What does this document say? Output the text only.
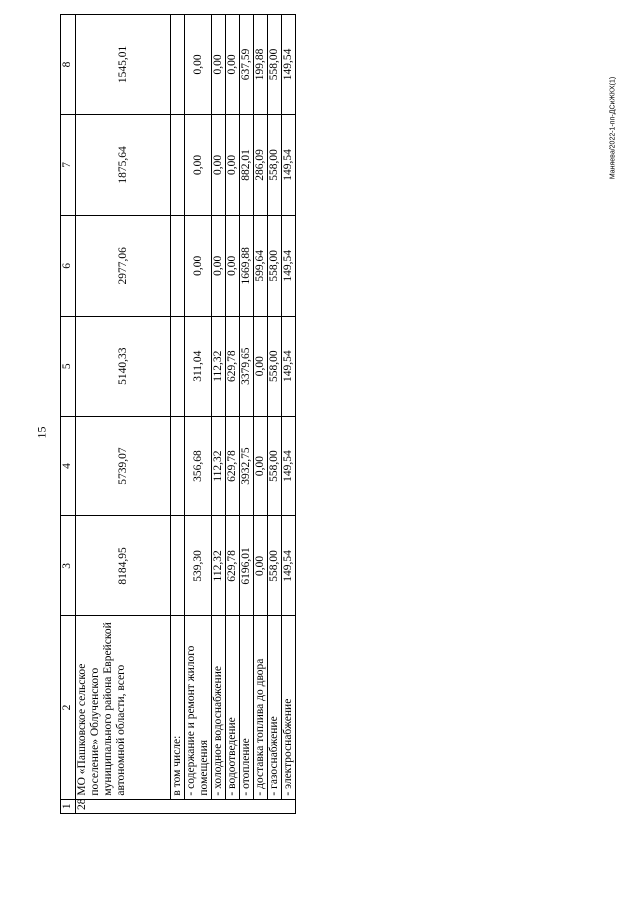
15
Маняева/2022-1-пп-ДСиЖКХ(1)
1	2	3	4	5	6	7	8
28	МО «Пашковское сельское поселение» Облученского муниципального района Еврейской автономной области, всего	8184,95	5739,07	5140,33	2977,06	1875,64	1545,01
	в том числе:						
	- содержание и ремонт жилого помещения	539,30	356,68	311,04	0,00	0,00	0,00
	- холодное водоснабжение	112,32	112,32	112,32	0,00	0,00	0,00
	- водоотведение	629,78	629,78	629,78	0,00	0,00	0,00
	- отопление	6196,01	3932,75	3379,65	1669,88	882,01	637,59
	- доставка топлива до двора	0,00	0,00	0,00	599,64	286,09	199,88
	- газоснабжение	558,00	558,00	558,00	558,00	558,00	558,00
	- электроснабжение	149,54	149,54	149,54	149,54	149,54	149,54
